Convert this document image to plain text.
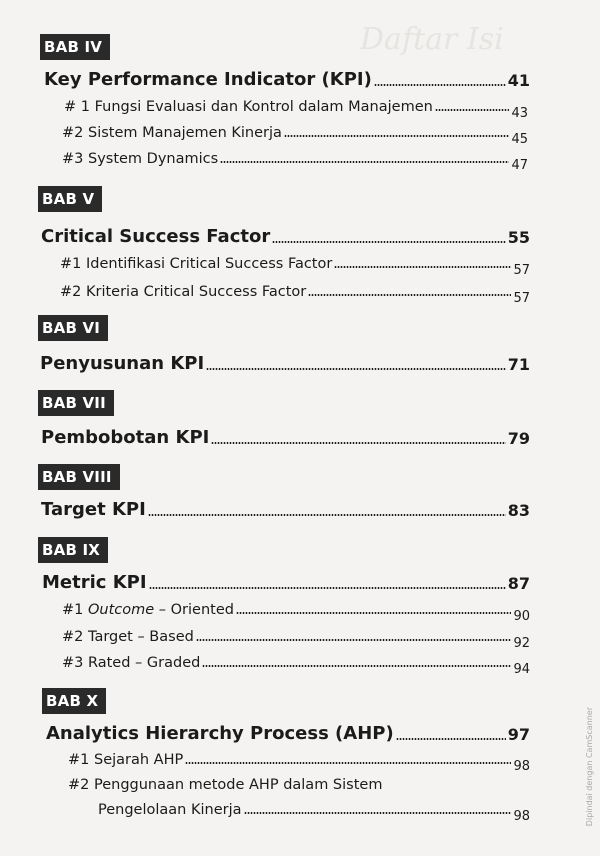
Daftar Isi
BAB IV
Key Performance Indicator (KPI)	41
# 1 Fungsi Evaluasi dan Kontrol dalam Manajemen	43
#2 Sistem Manajemen Kinerja	45
#3 System Dynamics	47
BAB V
Critical Success Factor	55
#1 Identifikasi Critical Success Factor	57
#2 Kriteria Critical Success Factor	57
BAB VI
Penyusunan KPI	71
BAB VII
Pembobotan KPI	79
BAB VIII
Target KPI	83
BAB IX
Metric KPI	87
#1 Outcome – Oriented	90
#2 Target – Based	92
#3 Rated – Graded	94
BAB X
Analytics Hierarchy Process (AHP)	97
#1 Sejarah AHP	98
#2 Penggunaan metode AHP dalam Sistem
Pengelolaan Kinerja	98	Dipindai dengan CamScanner
